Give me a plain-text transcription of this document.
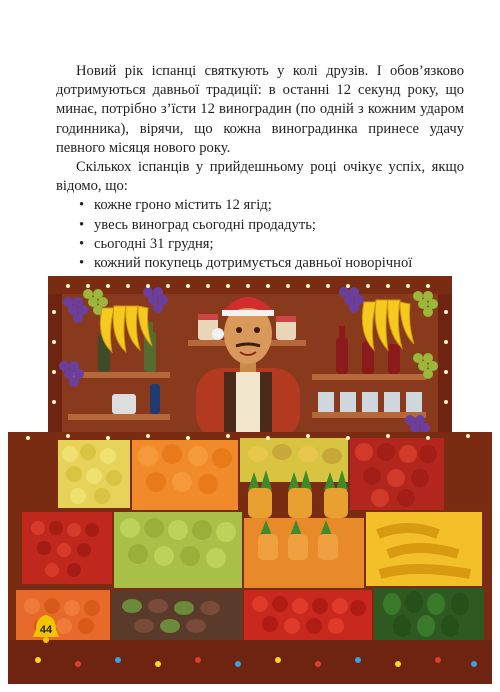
Новий рік іспанці святкують у колі друзів. І обов’язково дотримуються давньої традиції: в останні 12 секунд року, що минає, потрібно з’їсти 12 виноградин (по одній з кожним ударом годинника), вірячи, що кожна виноградинка принесе удачу певного місяця нового року.

Скількох іспанців у прийдешньому році очікує успіх, якщо відомо, що:

• кожне гроно містить 12 ягід;
• увесь виноград сьогодні продадуть;
• сьогодні 31 грудня;
• кожний покупець дотримується давньої новорічної
44
